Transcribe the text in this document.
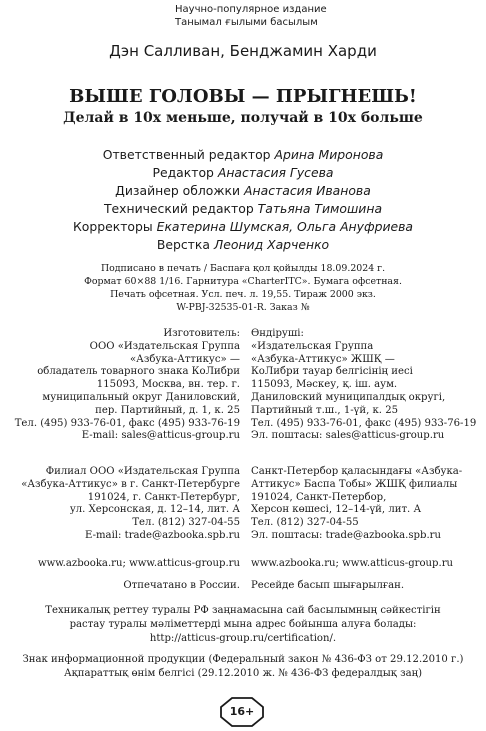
Научно-популярное издание
Танымал ғылыми басылым
Дэн Салливан, Бенджамин Харди
ВЫШЕ ГОЛОВЫ — ПРЫГНЕШЬ!
Делай в 10х меньше, получай в 10х больше
Ответственный редактор Арина Миронова
Редактор Анастасия Гусева
Дизайнер обложки Анастасия Иванова
Технический редактор Татьяна Тимошина
Корректоры Екатерина Шумская, Ольга Ануфриева
Верстка Леонид Харченко
Подписано в печать / Баспаға қол қойылды 18.09.2024 г.
Формат 60×88 1/16. Гарнитура «CharterITC». Бумага офсетная.
Печать офсетная. Усл. печ. л. 19,55. Тираж 2000 экз.
W-PBJ-32535-01-R. Заказ №
Изготовитель:
ООО «Издательская Группа
«Азбука-Аттикус» —
обладатель товарного знака КоЛибри
115093, Москва, вн. тер. г.
муниципальный округ Даниловский,
пер. Партийный, д. 1, к. 25
Тел. (495) 933-76-01, факс (495) 933-76-19
E-mail: sales@atticus-group.ru
Өндіруші:
«Издательская Группа
«Азбука-Аттикус» ЖШҚ —
КоЛибри тауар белгісінің иесі
115093, Мәскеу, қ. іш. аум.
Даниловский муниципалдық округі,
Партийный т.ш., 1-үй, к. 25
Тел. (495) 933-76-01, факс (495) 933-76-19
Эл. поштасы: sales@atticus-group.ru
Филиал ООО «Издательская Группа
«Азбука-Аттикус» в г. Санкт-Петербурге
191024, г. Санкт-Петербург,
ул. Херсонская, д. 12–14, лит. А
Тел. (812) 327-04-55
E-mail: trade@azbooka.spb.ru
Санкт-Петербор қаласындағы «Азбука-
Аттикус» Баспа Тобы» ЖШҚ филиалы
191024, Санкт-Петербор,
Херсон көшесі, 12–14-үй, лит. А
Тел. (812) 327-04-55
Эл. поштасы: trade@azbooka.spb.ru
www.azbooka.ru; www.atticus-group.ru www.azbooka.ru; www.atticus-group.ru
Отпечатано в России. Ресейде басып шығарылған.
Техникалық реттеу туралы РФ заңнамасына сай басылымның сәйкестігін
растау туралы мәліметтерді мына адрес бойынша алуға болады:
http://atticus-group.ru/certification/.
Знак информационной продукции (Федеральный закон № 436-ФЗ от 29.12.2010 г.)
Ақпараттық өнім белгісі (29.12.2010 ж. № 436-ФЗ федералдық заң)
16+
